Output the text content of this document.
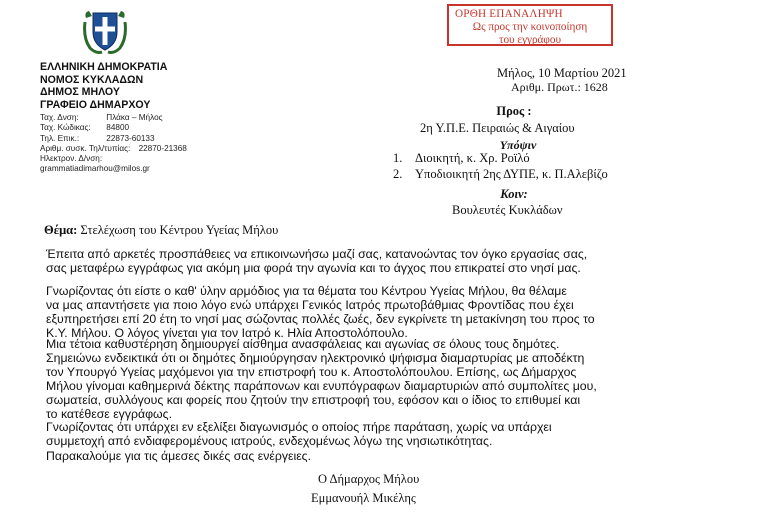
ΕΛΛΗΝΙΚΗ ΔΗΜΟΚΡΑΤΙΑ
ΝΟΜΟΣ ΚΥΚΛΑΔΩΝ
ΔΗΜΟΣ ΜΗΛΟΥ
ΓΡΑΦΕΙΟ ΔΗΜΑΡΧΟΥ
Ταχ. Δνση:	Πλάκα – Μήλος
Ταχ. Κώδικας: 84800
Τηλ. Επικ.:	22873-60133
Αριθμ. συσκ. Τηλ/τυπίας: 22870-21368
Ηλεκτρον. Δ/νση:
grammatiadimarhou@milos.gr
ΟΡΘΗ ΕΠΑΝΑΛΗΨΗ
Ως προς την κοινοποίηση
του εγγράφου
Μήλος, 10 Μαρτίου 2021
Αριθμ. Πρωτ.: 1628
Προς :
2η Υ.Π.Ε. Πειραιώς & Αιγαίου
Υπόψιν
1. Διοικητή, κ. Χρ. Ροϊλό
2. Υποδιοικητή 2ης ΔΥΠΕ, κ. Π.Αλεβίζο
Κοιν:
Βουλευτές Κυκλάδων
Θέμα: Στελέχωση του Κέντρου Υγείας Μήλου

Έπειτα από αρκετές προσπάθειες να επικοινωνήσω μαζί σας, κατανοώντας τον όγκο εργασίας σας,
σας μεταφέρω εγγράφως για ακόμη μια φορά την αγωνία και το άγχος που επικρατεί στο νησί μας.

Γνωρίζοντας ότι είστε ο καθ' ύλην αρμόδιος για τα θέματα του Κέντρου Υγείας Μήλου, θα θέλαμε
να μας απαντήσετε για ποιο λόγο ενώ υπάρχει Γενικός Ιατρός πρωτοβάθμιας Φροντίδας που έχει
εξυπηρετήσει επί 20 έτη το νησί μας σώζοντας πολλές ζωές, δεν εγκρίνετε τη μετακίνηση του προς το
Κ.Υ. Μήλου. Ο λόγος γίνεται για τον Ιατρό κ. Ηλία Αποστολόπουλο.

Μια τέτοια καθυστέρηση δημιουργεί αίσθημα ανασφάλειας και αγωνίας σε όλους τους δημότες.
Σημειώνω ενδεικτικά ότι οι δημότες δημιούργησαν ηλεκτρονικό ψήφισμα διαμαρτυρίας με αποδέκτη
τον Υπουργό Υγείας μαχόμενοι για την επιστροφή του κ. Αποστολόπουλου. Επίσης, ως Δήμαρχος
Μήλου γίνομαι καθημερινά δέκτης παράπονων και ενυπόγραφων διαμαρτυριών από συμπολίτες μου,
σωματεία, συλλόγους και φορείς που ζητούν την επιστροφή του, εφόσον και ο ίδιος το επιθυμεί και
το κατέθεσε εγγράφως.

Γνωρίζοντας ότι υπάρχει εν εξελίξει διαγωνισμός ο οποίος πήρε παράταση, χωρίς να υπάρχει
συμμετοχή από ενδιαφερομένους ιατρούς, ενδεχομένως λόγω της νησιωτικότητας.

Παρακαλούμε για τις άμεσες δικές σας ενέργειες.

Ο Δήμαρχος Μήλου
Εμμανουήλ Μικέλης
